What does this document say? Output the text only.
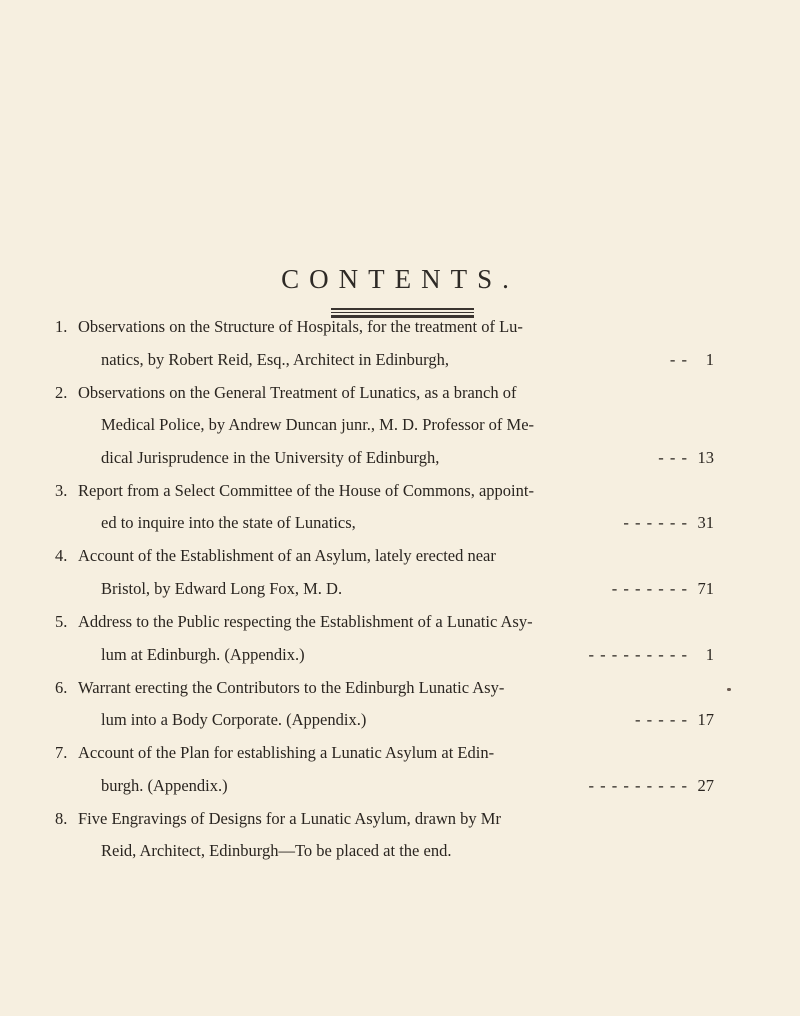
CONTENTS.
1. Observations on the Structure of Hospitals, for the treatment of Lu-
natics, by Robert Reid, Esq., Architect in Edinburgh,	- - 1
2. Observations on the General Treatment of Lunatics, as a branch of
Medical Police, by Andrew Duncan junr., M. D. Professor of Me-
dical Jurisprudence in the University of Edinburgh,	- - - 13
3. Report from a Select Committee of the House of Commons, appoint-
ed to inquire into the state of Lunatics,	- - - - - - 31
4. Account of the Establishment of an Asylum, lately erected near
Bristol, by Edward Long Fox, M. D.	- - - - - - - 71
5. Address to the Public respecting the Establishment of a Lunatic Asy-
lum at Edinburgh. (Appendix.)	- - - - - - - - - 1
6. Warrant erecting the Contributors to the Edinburgh Lunatic Asy-
lum into a Body Corporate. (Appendix.)	- - - - - 17
7. Account of the Plan for establishing a Lunatic Asylum at Edin-
burgh. (Appendix.)	- - - - - - - - - 27
8. Five Engravings of Designs for a Lunatic Asylum, drawn by Mr
Reid, Architect, Edinburgh—To be placed at the end.
